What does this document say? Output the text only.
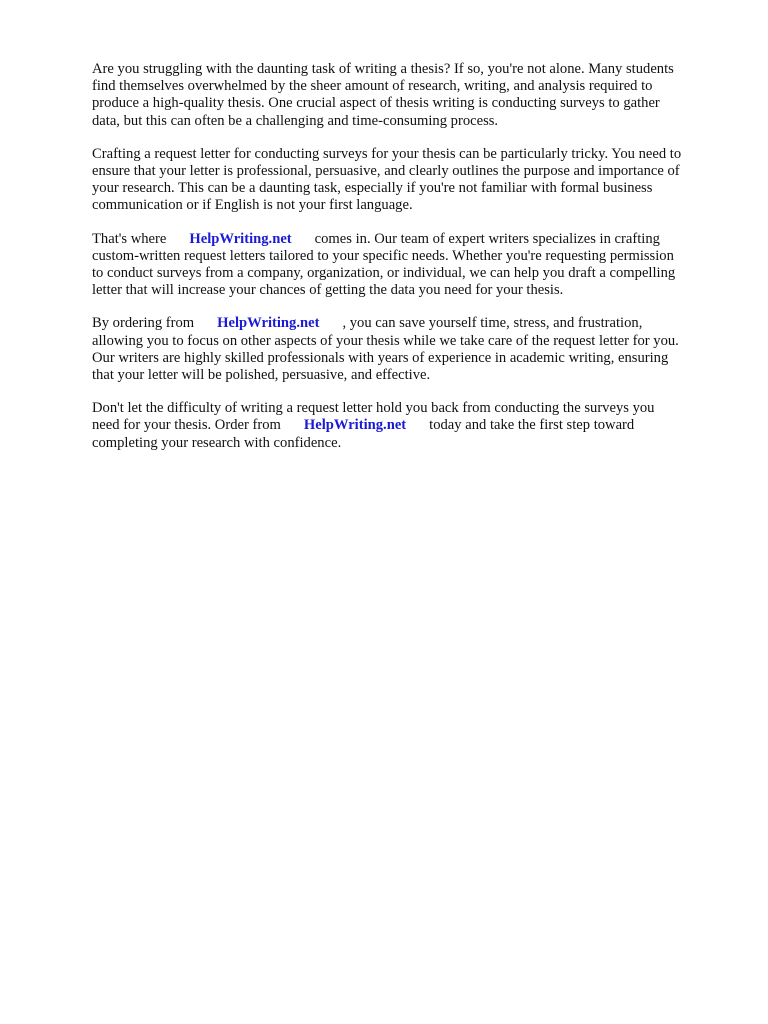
Are you struggling with the daunting task of writing a thesis? If so, you're not alone. Many students
find themselves overwhelmed by the sheer amount of research, writing, and analysis required to
produce a high-quality thesis. One crucial aspect of thesis writing is conducting surveys to gather
data, but this can often be a challenging and time-consuming process.

Crafting a request letter for conducting surveys for your thesis can be particularly tricky. You need to
ensure that your letter is professional, persuasive, and clearly outlines the purpose and importance of
your research. This can be a daunting task, especially if you're not familiar with formal business
communication or if English is not your first language.

That's where HelpWriting.net comes in. Our team of expert writers specializes in crafting
custom-written request letters tailored to your specific needs. Whether you're requesting permission
to conduct surveys from a company, organization, or individual, we can help you draft a compelling
letter that will increase your chances of getting the data you need for your thesis.

By ordering from HelpWriting.net , you can save yourself time, stress, and frustration,
allowing you to focus on other aspects of your thesis while we take care of the request letter for you.
Our writers are highly skilled professionals with years of experience in academic writing, ensuring
that your letter will be polished, persuasive, and effective.

Don't let the difficulty of writing a request letter hold you back from conducting the surveys you
need for your thesis. Order from HelpWriting.net today and take the first step toward
completing your research with confidence.
